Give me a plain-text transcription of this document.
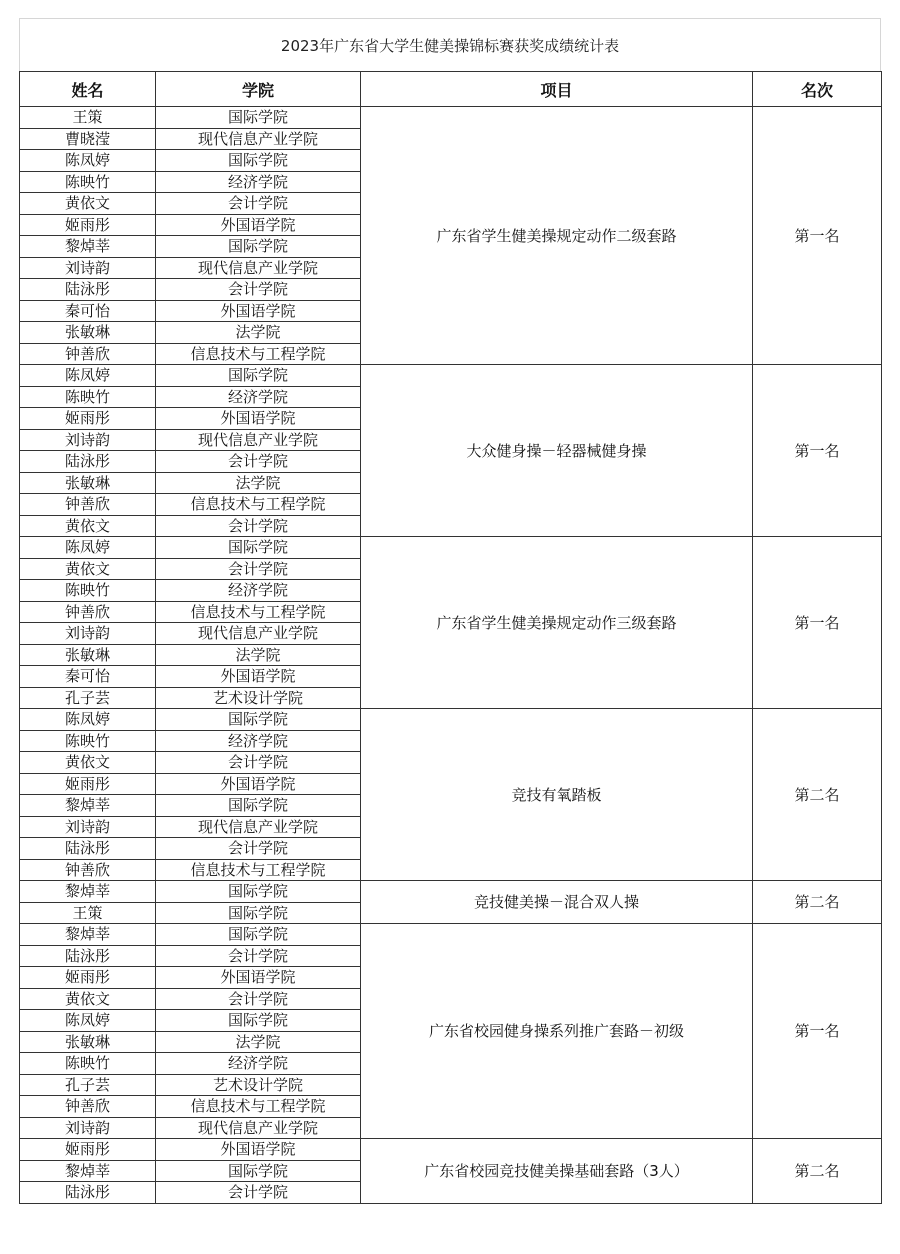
2023年广东省大学生健美操锦标赛获奖成绩统计表
姓名	学院	项目	名次
王策	国际学院	广东省学生健美操规定动作二级套路	第一名
曹晓滢	现代信息产业学院		
陈凤婷	国际学院		
陈映竹	经济学院		
黄依文	会计学院		
姬雨彤	外国语学院		
黎焯莘	国际学院		
刘诗韵	现代信息产业学院		
陆泳彤	会计学院		
秦可怡	外国语学院		
张敏琳	法学院		
钟善欣	信息技术与工程学院		
陈凤婷	国际学院	大众健身操－轻器械健身操	第一名
陈映竹	经济学院		
姬雨彤	外国语学院		
刘诗韵	现代信息产业学院		
陆泳彤	会计学院		
张敏琳	法学院		
钟善欣	信息技术与工程学院		
黄依文	会计学院		
陈凤婷	国际学院	广东省学生健美操规定动作三级套路	第一名
黄依文	会计学院		
陈映竹	经济学院		
钟善欣	信息技术与工程学院		
刘诗韵	现代信息产业学院		
张敏琳	法学院		
秦可怡	外国语学院		
孔子芸	艺术设计学院		
陈凤婷	国际学院	竞技有氧踏板	第二名
陈映竹	经济学院		
黄依文	会计学院		
姬雨彤	外国语学院		
黎焯莘	国际学院		
刘诗韵	现代信息产业学院		
陆泳彤	会计学院		
钟善欣	信息技术与工程学院		
黎焯莘	国际学院	竞技健美操－混合双人操	第二名
王策	国际学院		
黎焯莘	国际学院	广东省校园健身操系列推广套路－初级	第一名
陆泳彤	会计学院		
姬雨彤	外国语学院		
黄依文	会计学院		
陈凤婷	国际学院		
张敏琳	法学院		
陈映竹	经济学院		
孔子芸	艺术设计学院		
钟善欣	信息技术与工程学院		
刘诗韵	现代信息产业学院		
姬雨彤	外国语学院	广东省校园竞技健美操基础套路（3人）	第二名
黎焯莘	国际学院		
陆泳彤	会计学院		
